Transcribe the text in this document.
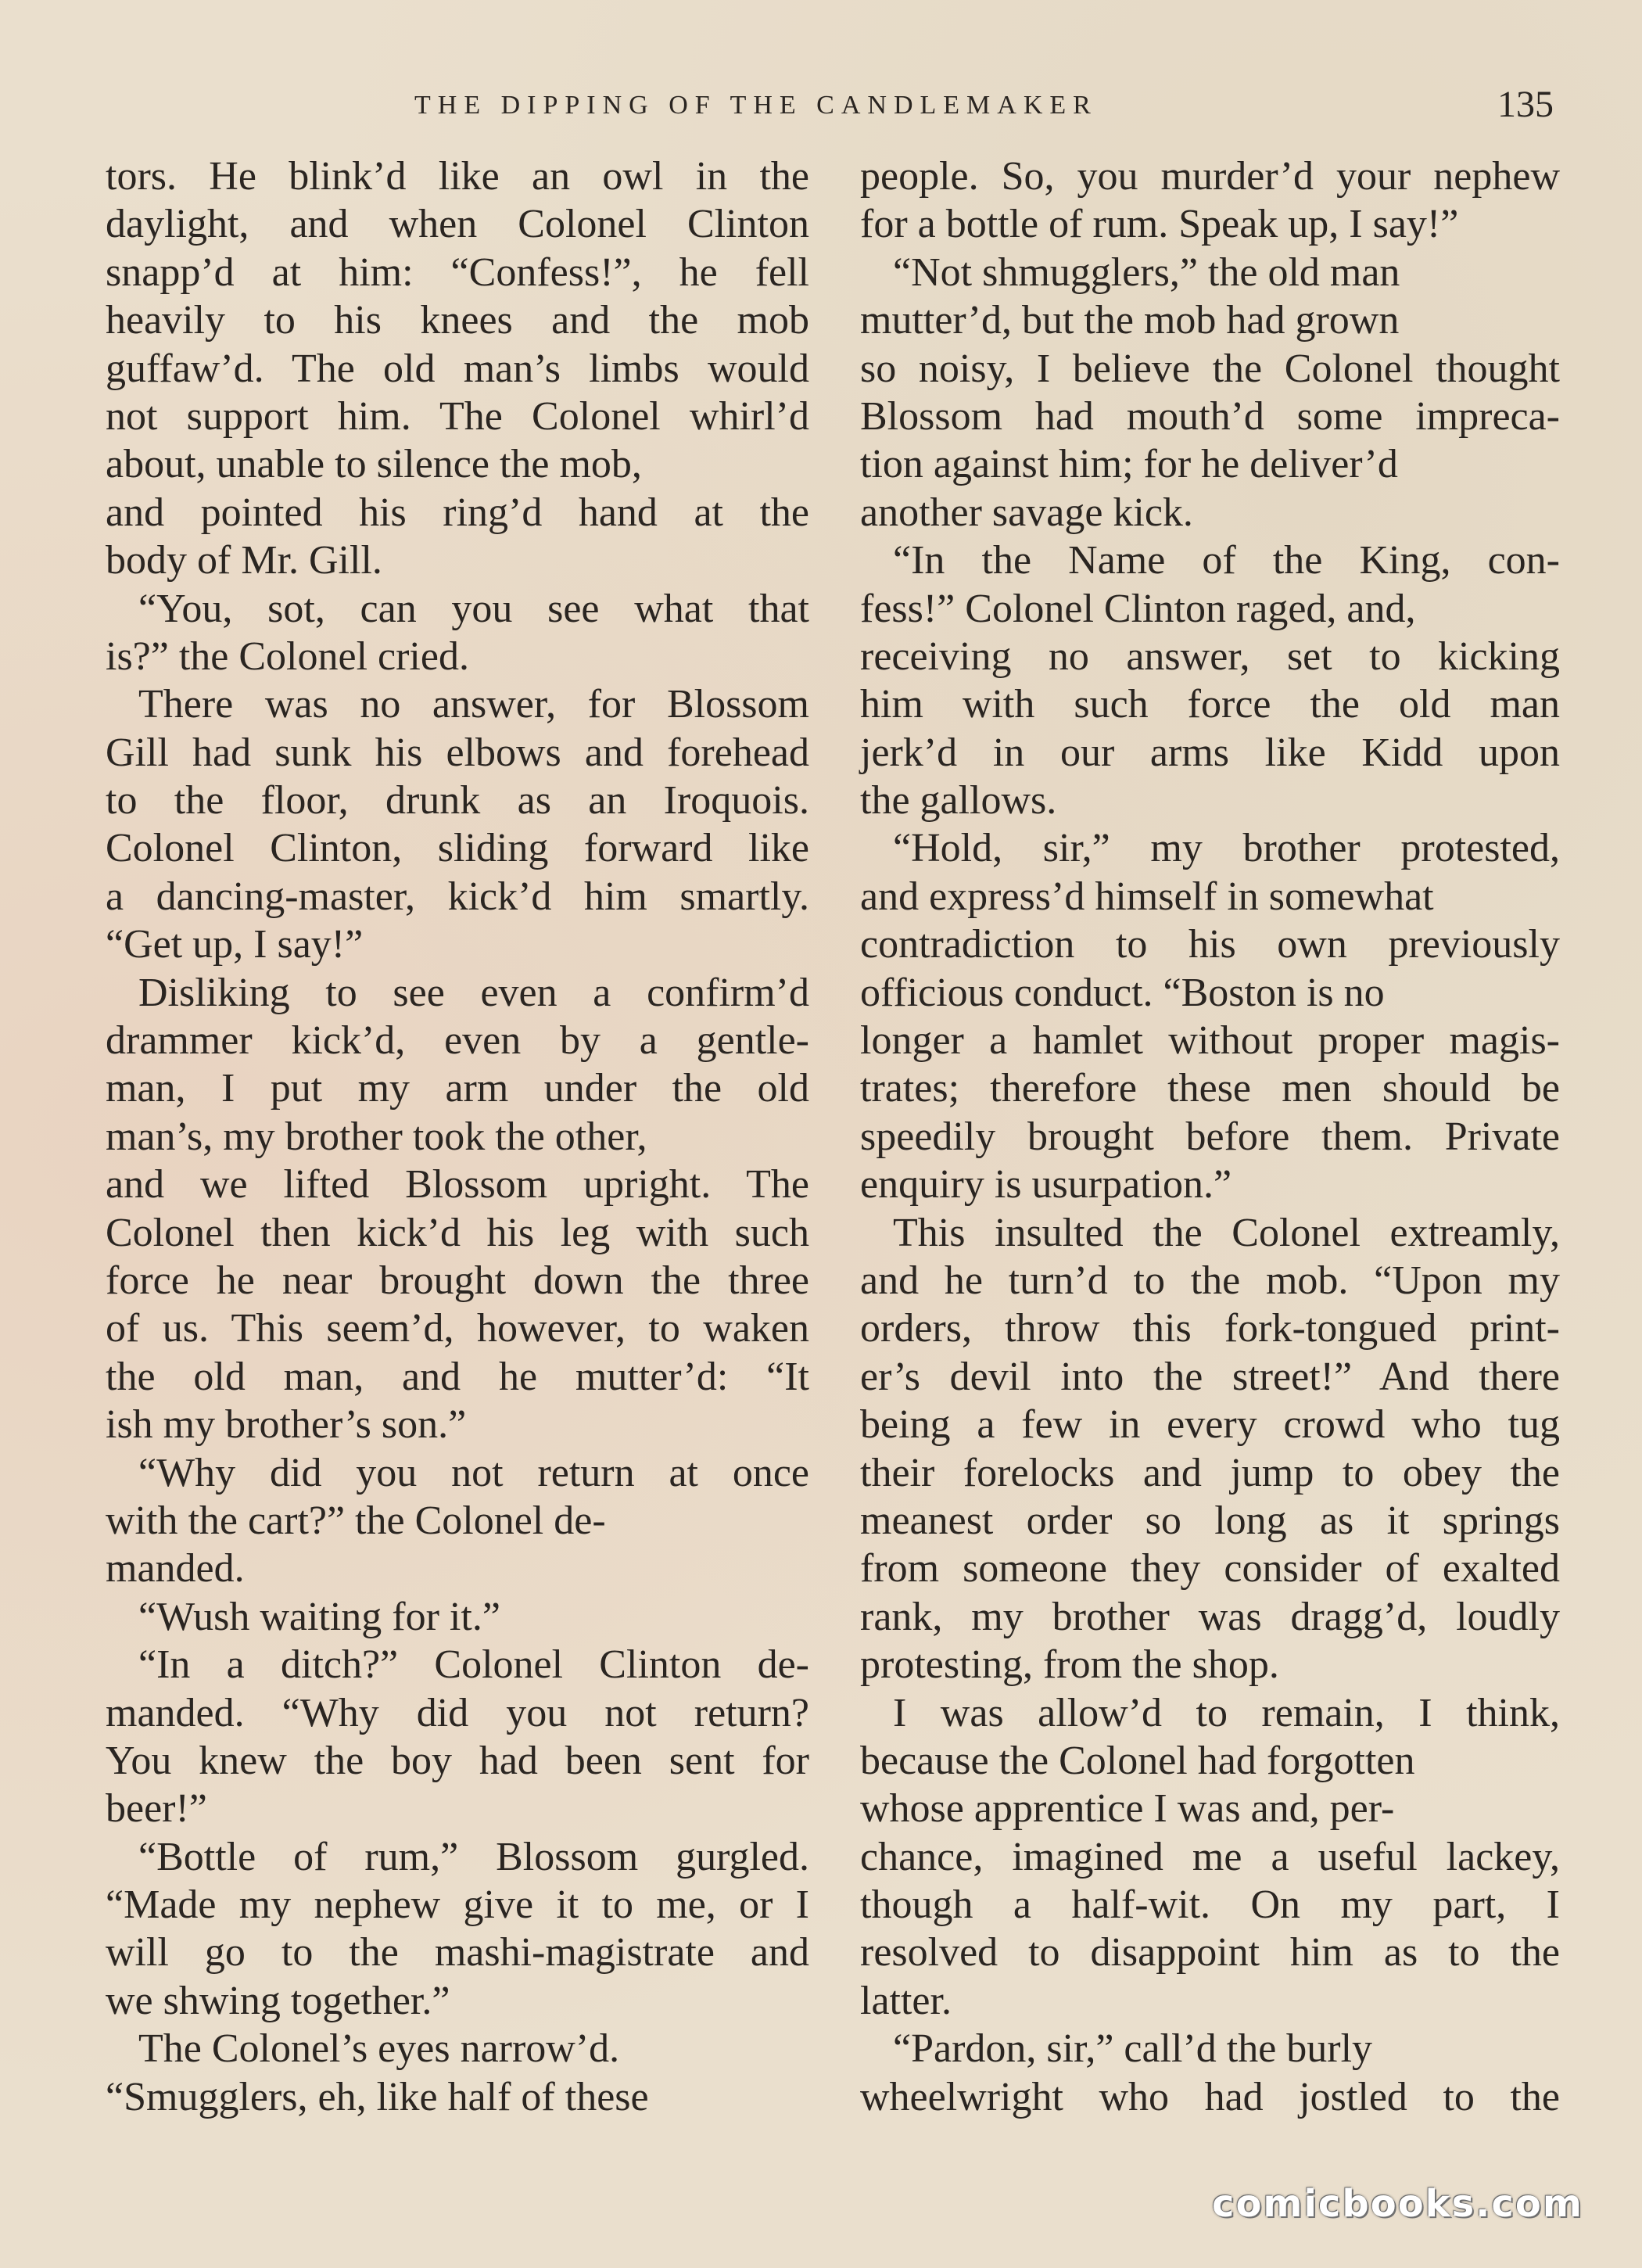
THE DIPPING OF THE CANDLEMAKER	135
tors. He blink’d like an owl in the
daylight, and when Colonel Clinton
snapp’d at him: “Confess!”, he fell
heavily to his knees and the mob
guffaw’d. The old man’s limbs would
not support him. The Colonel whirl’d
about, unable to silence the mob,
and pointed his ring’d hand at the
body of Mr. Gill.
“You, sot, can you see what that
is?” the Colonel cried.
There was no answer, for Blossom
Gill had sunk his elbows and forehead
to the floor, drunk as an Iroquois.
Colonel Clinton, sliding forward like
a dancing-master, kick’d him smartly.
“Get up, I say!”
Disliking to see even a confirm’d
drammer kick’d, even by a gentle-
man, I put my arm under the old
man’s, my brother took the other,
and we lifted Blossom upright. The
Colonel then kick’d his leg with such
force he near brought down the three
of us. This seem’d, however, to waken
the old man, and he mutter’d: “It
ish my brother’s son.”
“Why did you not return at once
with the cart?” the Colonel de-
manded.
“Wush waiting for it.”
“In a ditch?” Colonel Clinton de-
manded. “Why did you not return?
You knew the boy had been sent for
beer!”
“Bottle of rum,” Blossom gurgled.
“Made my nephew give it to me, or I
will go to the mashi-magistrate and
we shwing together.”
The Colonel’s eyes narrow’d.
“Smugglers, eh, like half of these
people. So, you murder’d your nephew
for a bottle of rum. Speak up, I say!”
“Not shmugglers,” the old man
mutter’d, but the mob had grown
so noisy, I believe the Colonel thought
Blossom had mouth’d some impreca-
tion against him; for he deliver’d
another savage kick.
“In the Name of the King, con-
fess!” Colonel Clinton raged, and,
receiving no answer, set to kicking
him with such force the old man
jerk’d in our arms like Kidd upon
the gallows.
“Hold, sir,” my brother protested,
and express’d himself in somewhat
contradiction to his own previously
officious conduct. “Boston is no
longer a hamlet without proper magis-
trates; therefore these men should be
speedily brought before them. Private
enquiry is usurpation.”
This insulted the Colonel extreamly,
and he turn’d to the mob. “Upon my
orders, throw this fork-tongued print-
er’s devil into the street!” And there
being a few in every crowd who tug
their forelocks and jump to obey the
meanest order so long as it springs
from someone they consider of exalted
rank, my brother was dragg’d, loudly
protesting, from the shop.
I was allow’d to remain, I think,
because the Colonel had forgotten
whose apprentice I was and, per-
chance, imagined me a useful lackey,
though a half-wit. On my part, I
resolved to disappoint him as to the
latter.
“Pardon, sir,” call’d the burly
wheelwright who had jostled to the
comicbooks.com
